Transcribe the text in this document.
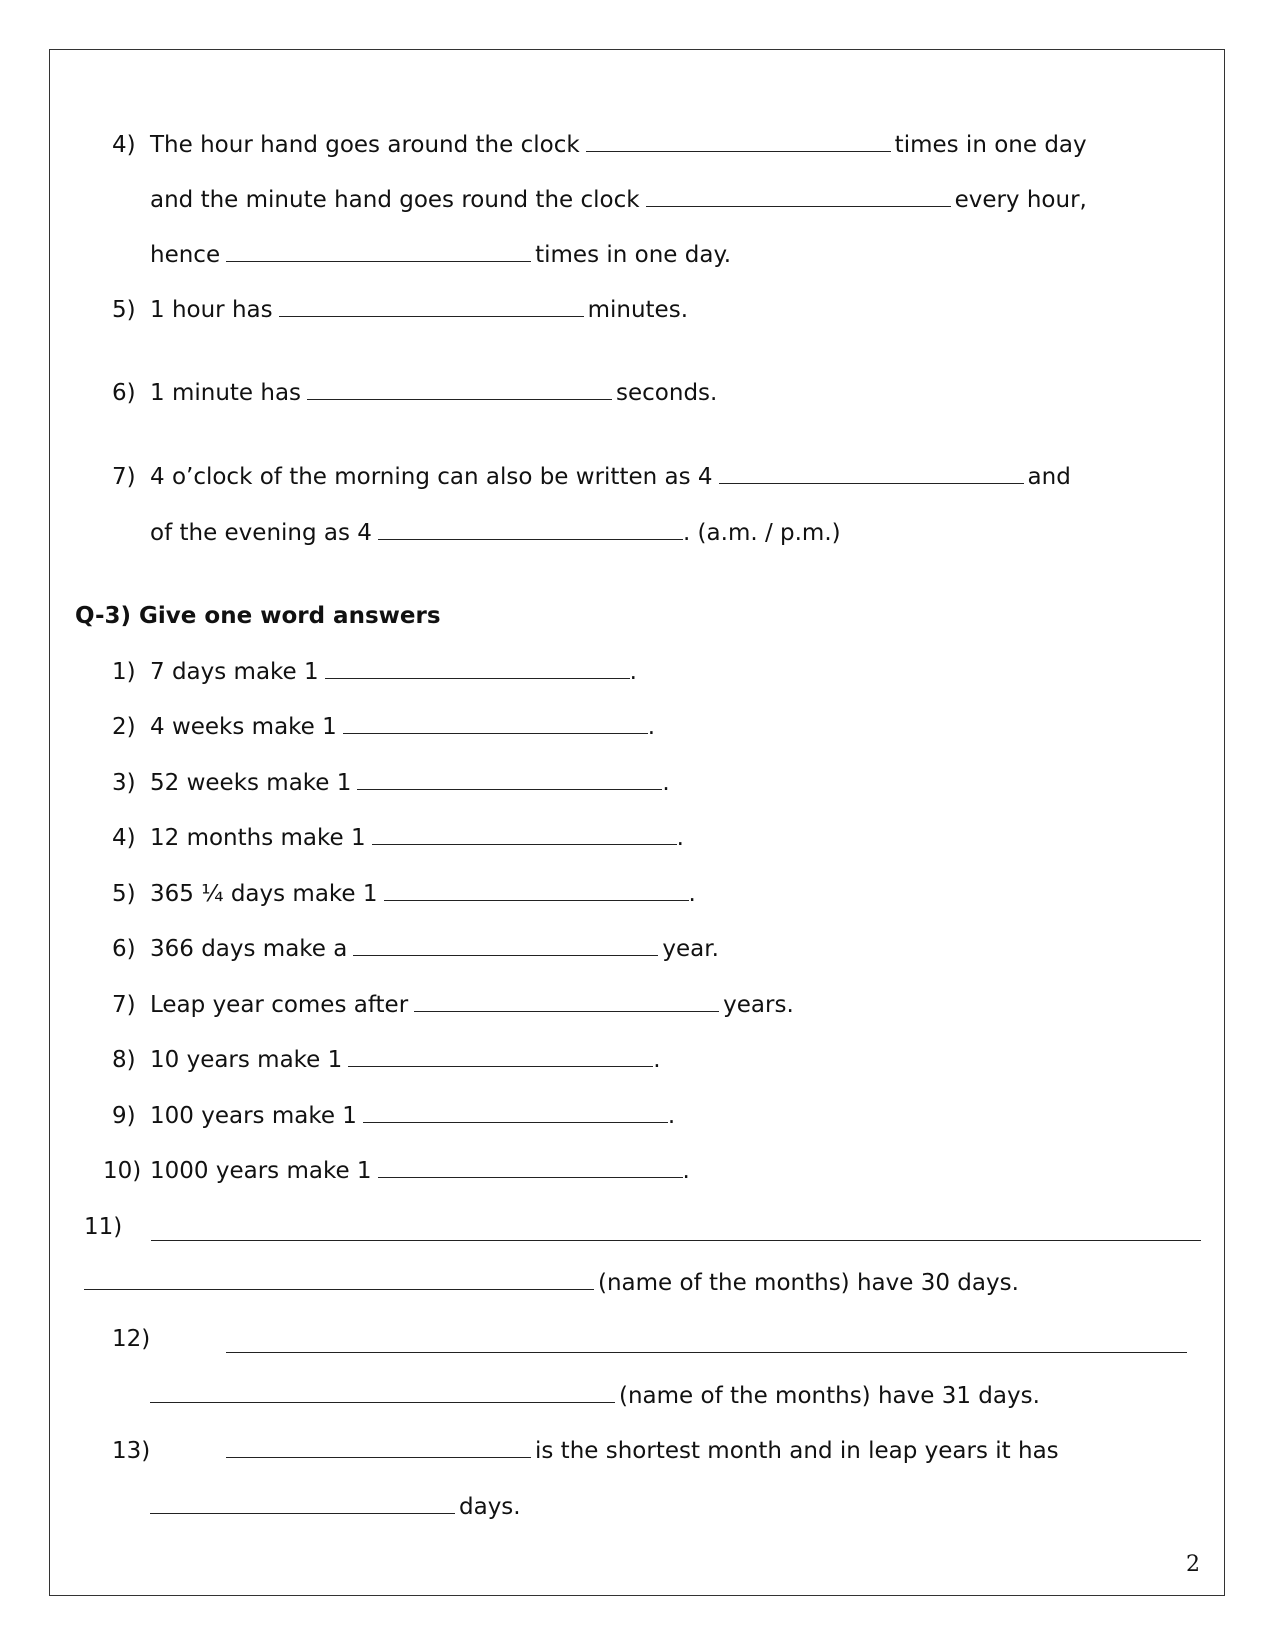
4) The hour hand goes around the clock	times in one day
and the minute hand goes round the clock	every hour,
hence	times in one day.
5) 1 hour has	minutes.
6) 1 minute has	seconds.
7) 4 o’clock of the morning can also be written as 4	and
of the evening as 4	. (a.m. / p.m.)
Q-3) Give one word answers
1) 7 days make 1	.
2) 4 weeks make 1	.
3) 52 weeks make 1	.
4) 12 months make 1	.
5) 365 ¼ days make 1	.
6) 366 days make a	year.
7) Leap year comes after	years.
8) 10 years make 1	.
9) 100 years make 1	.
10) 1000 years make 1	.
11)
(name of the months) have 30 days.
12)
(name of the months) have 31 days.
13)	is the shortest month and in leap years it has
days.
2
